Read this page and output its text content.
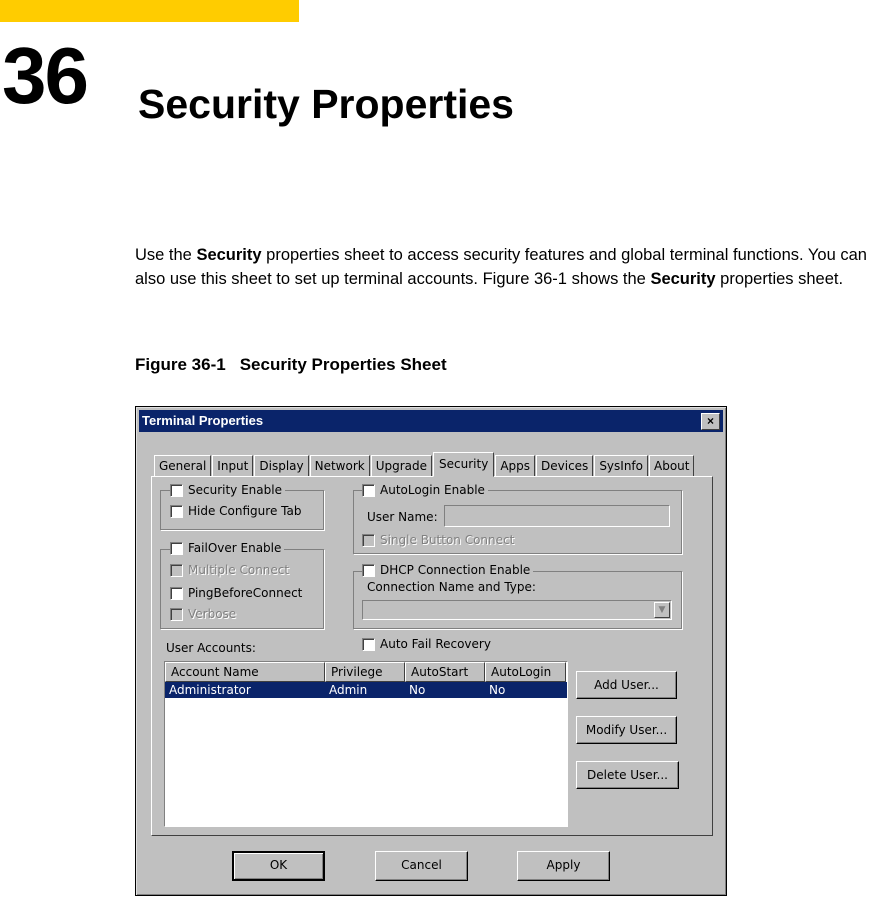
36 Security Properties

Use the Security properties sheet to access security features and global terminal functions. You can also use this sheet to set up terminal accounts. Figure 36-1 shows the Security properties sheet.

Figure 36-1 Security Properties Sheet
Terminal Properties	×
General Input Display Network Upgrade	Security	Apps Devices SysInfo About
Security Enable
Hide Configure Tab
FailOver Enable
Multiple Connect
PingBeforeConnect
Verbose
AutoLogin Enable
User Name:
Single Button Connect
DHCP Connection Enable
Connection Name and Type:
▼
Auto Fail Recovery
User Accounts:
Account Name	Privilege	AutoStart	AutoLogin
Administrator	Admin	No	No	Add User...
Modify User...
Delete User...
OK	Cancel	Apply
